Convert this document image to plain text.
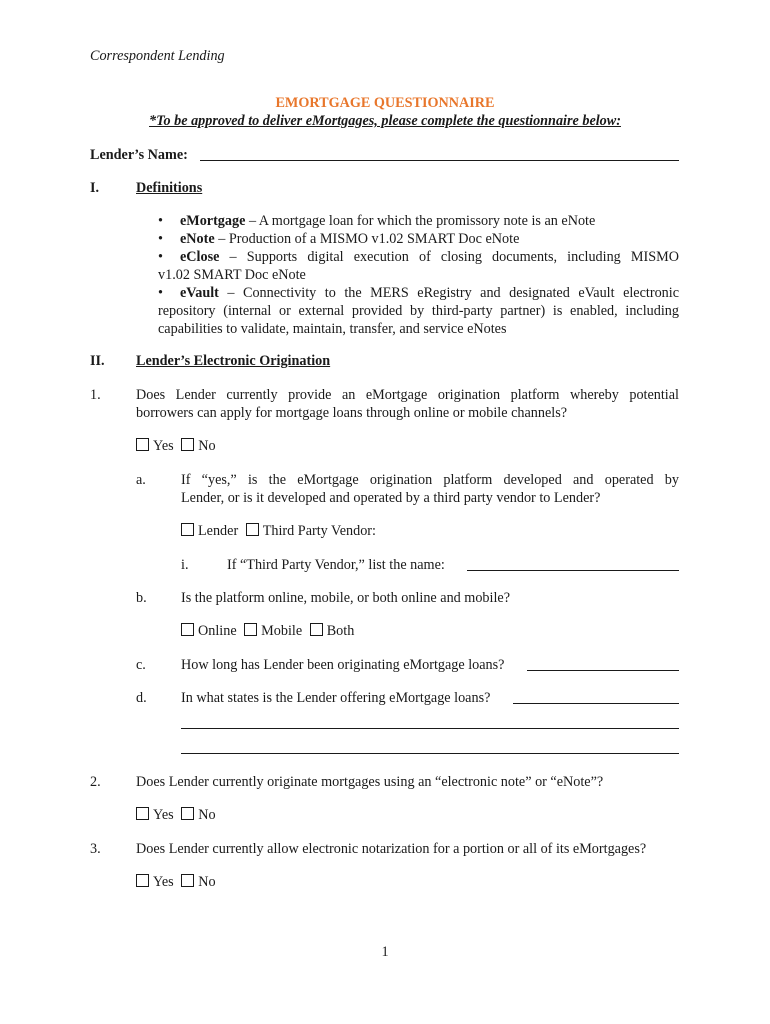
Correspondent Lending
EMORTGAGE QUESTIONNAIRE
*To be approved to deliver eMortgages, please complete the questionnaire below:
Lender’s Name:
I.	Definitions
• eMortgage – A mortgage loan for which the promissory note is an eNote
• eNote – Production of a MISMO v1.02 SMART Doc eNote
• eClose – Supports digital execution of closing documents, including MISMO
v1.02 SMART Doc eNote
• eVault – Connectivity to the MERS eRegistry and designated eVault electronic
repository (internal or external provided by third-party partner) is enabled, including
capabilities to validate, maintain, transfer, and service eNotes
II. Lender’s Electronic Origination
1. Does Lender currently provide an eMortgage origination platform whereby potential
borrowers can apply for mortgage loans through online or mobile channels?
Yes No
a. If “yes,” is the eMortgage origination platform developed and operated by
Lender, or is it developed and operated by a third party vendor to Lender?
Lender Third Party Vendor:
i.	If “Third Party Vendor,” list the name:
b. Is the platform online, mobile, or both online and mobile?
Online Mobile Both
c. How long has Lender been originating eMortgage loans?
d. In what states is the Lender offering eMortgage loans?
2. Does Lender currently originate mortgages using an “electronic note” or “eNote”?
Yes No
3. Does Lender currently allow electronic notarization for a portion or all of its eMortgages?
Yes No
1
